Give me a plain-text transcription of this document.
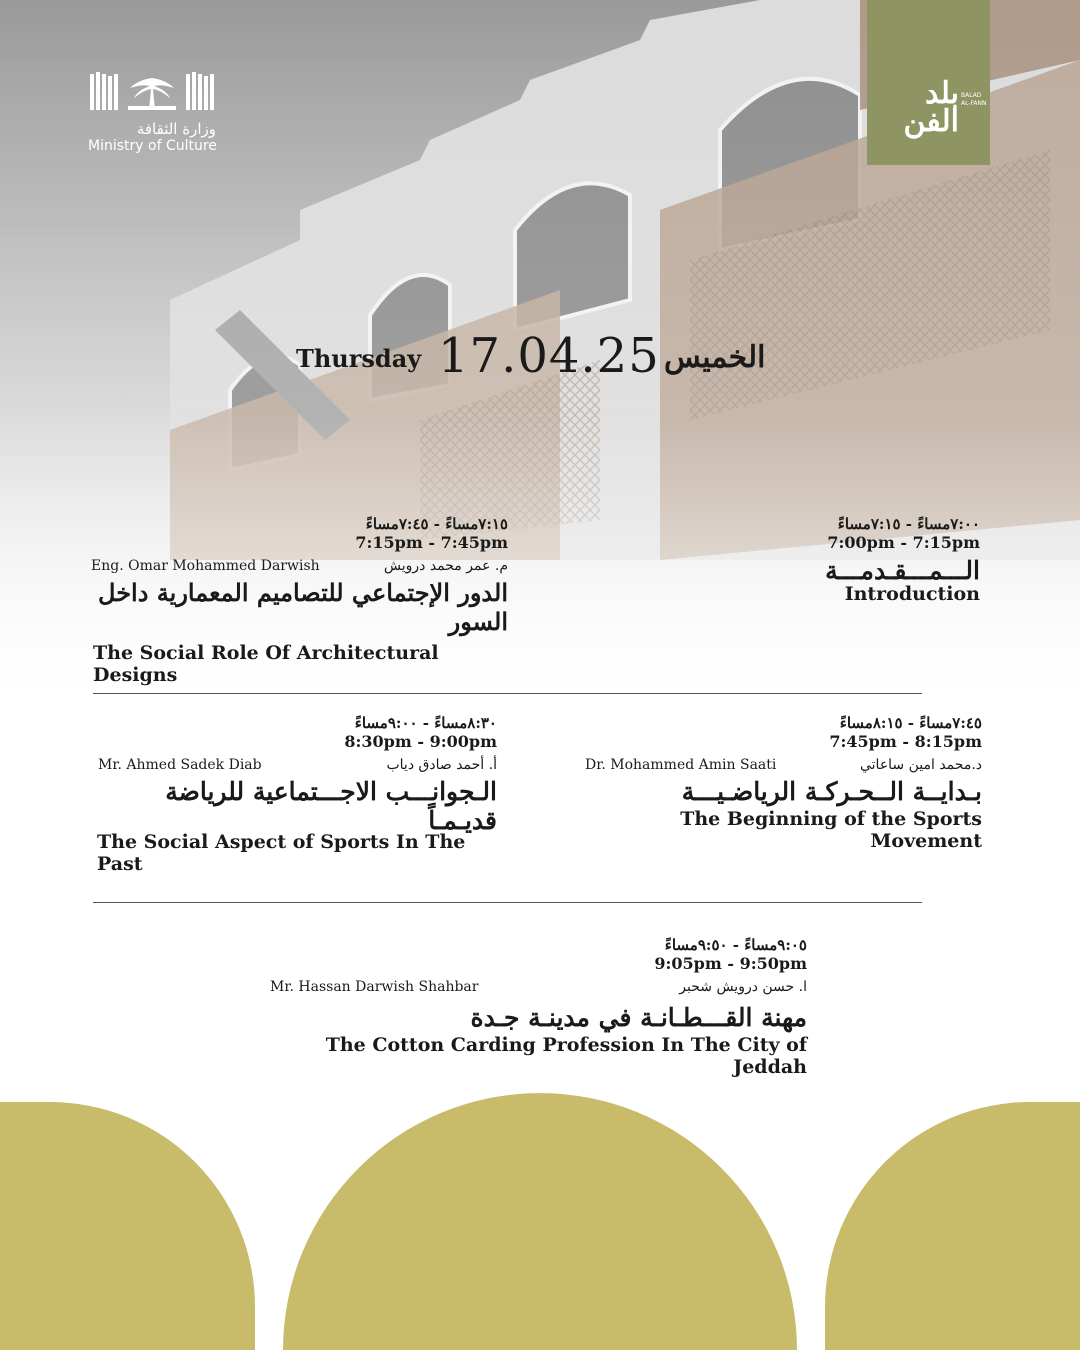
وزارة الثقافة
Ministry of Culture
بلد الفن
BALAD AL-FANN
Thursday 17.04.25 الخميس
٧:٠٠مساءً - ٧:١٥مساءً
7:00pm - 7:15pm
الـــمـــقـدمـــة
Introduction
٧:١٥مساءً - ٧:٤٥مساءً
7:15pm - 7:45pm
Eng. Omar Mohammed Darwish	م. عمر محمد درويش
الدور الإجتماعي للتصاميم المعمارية داخل السور
The Social Role Of Architectural Designs
٧:٤٥مساءً - ٨:١٥مساءً
7:45pm - 8:15pm
Dr. Mohammed Amin Saati	د.محمد امين ساعاتي
بـدايــة الــحـركـة الرياضـيـــة
The Beginning of the Sports Movement
٨:٣٠مساءً - ٩:٠٠مساءً
8:30pm - 9:00pm
Mr. Ahmed Sadek Diab	أ. أحمد صادق دياب
الـجوانـــب الاجـــتماعية للرياضة قديـمـاً
The Social Aspect of Sports In The Past
٩:٠٥مساءً - ٩:٥٠مساءً
9:05pm - 9:50pm
Mr. Hassan Darwish Shahbar	ا. حسن درويش شحبر
مهنة القـــطـانـة في مدينـة جـدة
The Cotton Carding Profession In The City of Jeddah
